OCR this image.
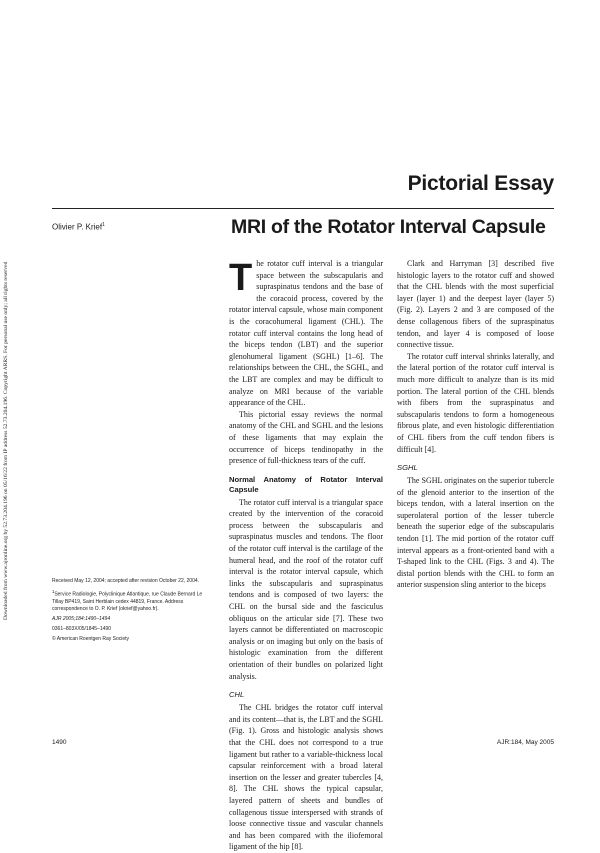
Downloaded from www.ajronline.org by 52.73.204.196 on 05/16/22 from IP address 52.73.204.196. Copyright ARRS. For personal use only; all rights reserved
Pictorial Essay
Olivier P. Krief$^1$	MRI of the Rotator Interval Capsule

The rotator cuff interval is a triangular space between the subscapularis and supraspinatus tendons and the base of the coracoid process, covered by the rotator interval capsule, whose main component is the coracohumeral ligament (CHL). The rotator cuff interval contains the long head of the biceps tendon (LBT) and the superior glenohumeral ligament (SGHL) [1–6]. The relationships between the CHL, the SGHL, and the LBT are complex and may be difficult to analyze on MRI because of the variable appearance of the CHL.

This pictorial essay reviews the normal anatomy of the CHL and SGHL and the lesions of these ligaments that may explain the occurrence of biceps tendinopathy in the presence of full-thickness tears of the cuff.

Normal Anatomy of Rotator Interval Capsule

The rotator cuff interval is a triangular space created by the intervention of the coracoid process between the subscapularis and supraspinatus muscles and tendons. The floor of the rotator cuff interval is the cartilage of the humeral head, and the roof of the rotator cuff interval is the rotator interval capsule, which links the subscapularis and supraspinatus tendons and is composed of two layers: the CHL on the bursal side and the fasciculus obliquus on the articular side [7]. These two layers cannot be differentiated on macroscopic analysis or on imaging but only on the basis of histologic examination from the different orientation of their bundles on polarized light analysis.

CHL

The CHL bridges the rotator cuff interval and its content—that is, the LBT and the SGHL (Fig. 1). Gross and histologic analysis shows that the CHL does not correspond to a true ligament but rather to a variable-thickness local capsular reinforcement with a broad lateral insertion on the lesser and greater tubercles [4, 8]. The CHL shows the typical capsular, layered pattern of sheets and bundles of collagenous tissue interspersed with strands of loose connective tissue and vascular channels and has been compared with the iliofemoral ligament of the hip [8].

Clark and Harryman [3] described five histologic layers to the rotator cuff and showed that the CHL blends with the most superficial layer (layer 1) and the deepest layer (layer 5) (Fig. 2). Layers 2 and 3 are composed of the dense collagenous fibers of the supraspinatus tendon, and layer 4 is composed of loose connective tissue.

The rotator cuff interval shrinks laterally, and the lateral portion of the rotator cuff interval is much more difficult to analyze than is its mid portion. The lateral portion of the CHL blends with fibers from the supraspinatus and subscapularis tendons to form a homogeneous fibrous plate, and even histologic differentiation of CHL fibers from the cuff tendon fibers is difficult [4].

SGHL

The SGHL originates on the superior tubercle of the glenoid anterior to the insertion of the biceps tendon, with a lateral insertion on the superolateral portion of the lesser tubercle beneath the superior edge of the subscapularis tendon [1]. The mid portion of the rotator cuff interval appears as a front-oriented band with a T-shaped link to the CHL (Figs. 3 and 4). The distal portion blends with the CHL to form an anterior suspension sling anterior to the biceps

Received May 12, 2004; accepted after revision October 22, 2004.
$^1$Service Radiologie, Polyclinique Atlantique, rue Claude Bernard Le Tillay BP419, Saint Herblain cedex 44819, France. Address correspondence to O. P. Krief (okrief@yahoo.fr).
AJR 2005;184:1490–1494
0361–803X/05/1845–1490
© American Roentgen Ray Society
1490	AJR:184, May 2005
